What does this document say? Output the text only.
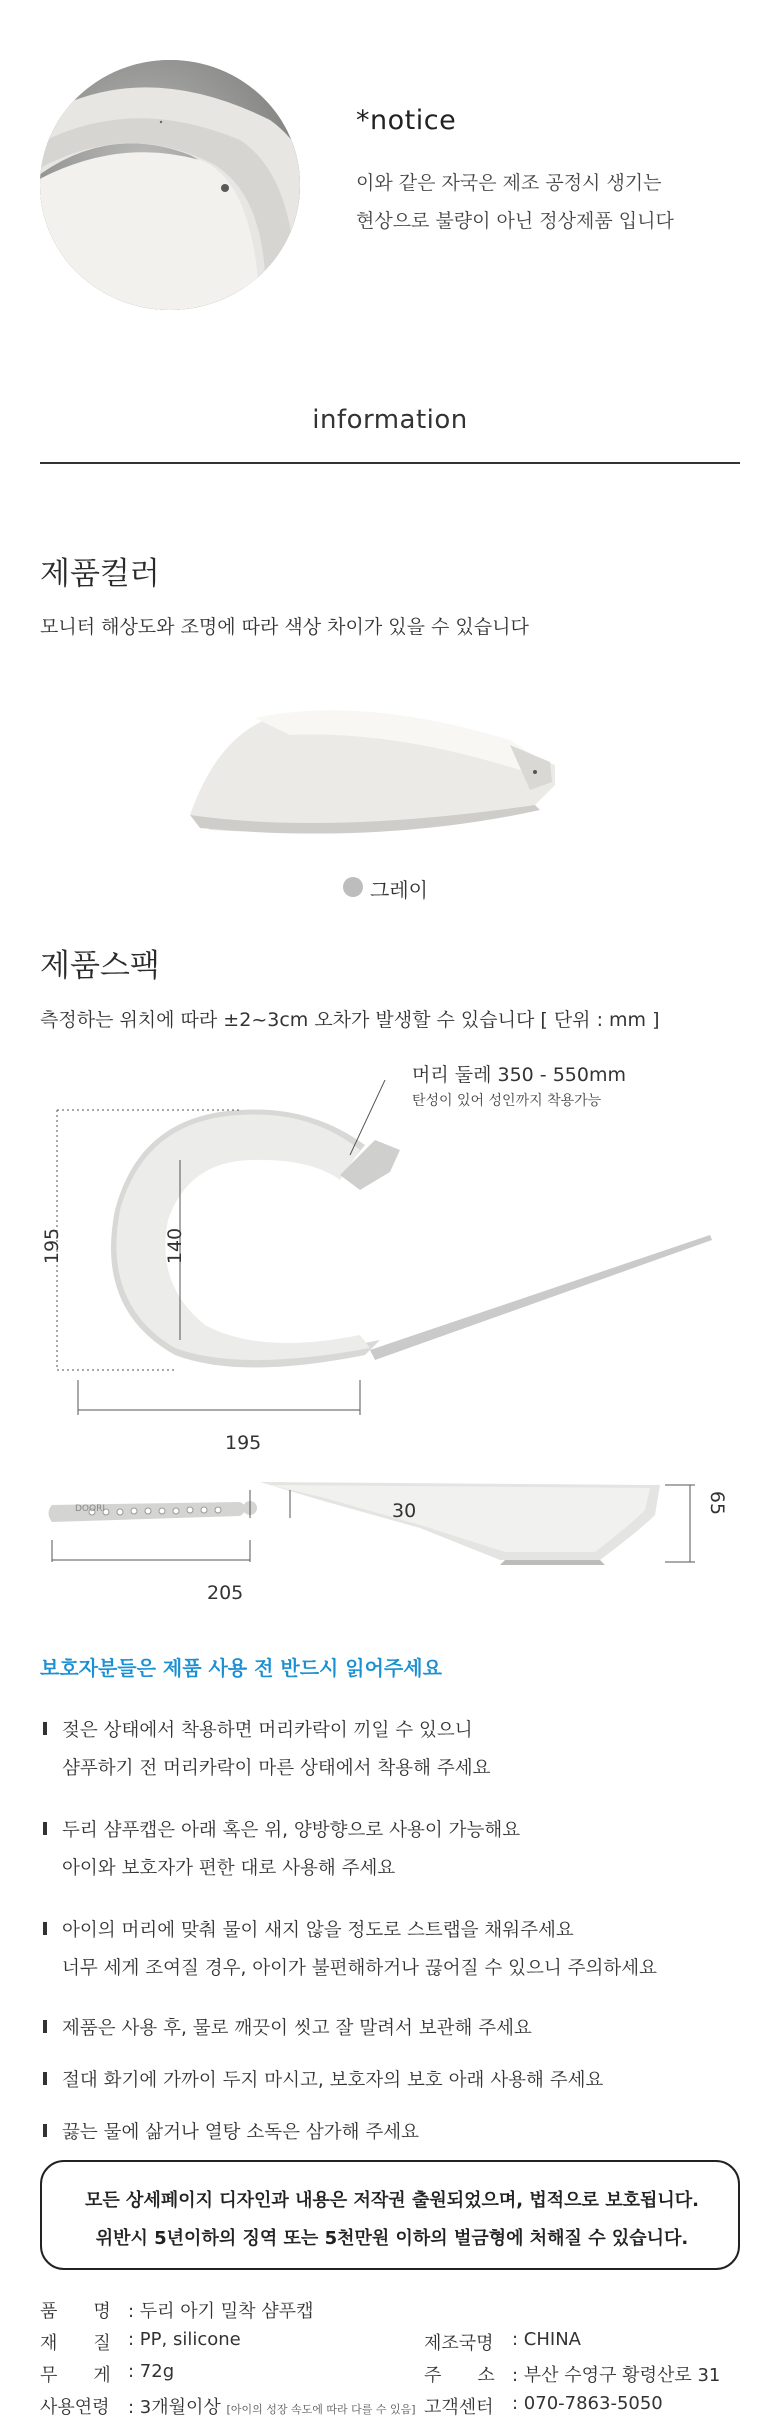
*notice
이와 같은 자국은 제조 공정시 생기는
현상으로 불량이 아닌 정상제품 입니다
information
제품컬러
모니터 해상도와 조명에 따라 색상 차이가 있을 수 있습니다
그레이
제품스팩
측정하는 위치에 따라 ±2~3cm 오차가 발생할 수 있습니다 [ 단위 : mm ]
머리 둘레 350 - 550mm
탄성이 있어 성인까지 착용가능
195	140
195
DOORI	30	65
205
보호자분들은 제품 사용 전 반드시 읽어주세요
젖은 상태에서 착용하면 머리카락이 끼일 수 있으니
샴푸하기 전 머리카락이 마른 상태에서 착용해 주세요
두리 샴푸캡은 아래 혹은 위, 양방향으로 사용이 가능해요
아이와 보호자가 편한 대로 사용해 주세요
아이의 머리에 맞춰 물이 새지 않을 정도로 스트랩을 채워주세요
너무 세게 조여질 경우, 아이가 불편해하거나 끊어질 수 있으니 주의하세요
제품은 사용 후, 물로 깨끗이 씻고 잘 말려서 보관해 주세요
절대 화기에 가까이 두지 마시고, 보호자의 보호 아래 사용해 주세요
끓는 물에 삶거나 열탕 소독은 삼가해 주세요
모든 상세페이지 디자인과 내용은 저작권 출원되었으며, 법적으로 보호됩니다.
위반시 5년이하의 징역 또는 5천만원 이하의 벌금형에 처해질 수 있습니다.
품　　명 : 두리 아기 밀착 샴푸캡
재　　질 : PP, silicone
무　　게 : 72g
사용연령 : 3개월이상 [아이의 성장 속도에 따라 다를 수 있음]
제조국명 : CHINA
주　　소 : 부산 수영구 황령산로 31
고객센터 : 070-7863-5050
